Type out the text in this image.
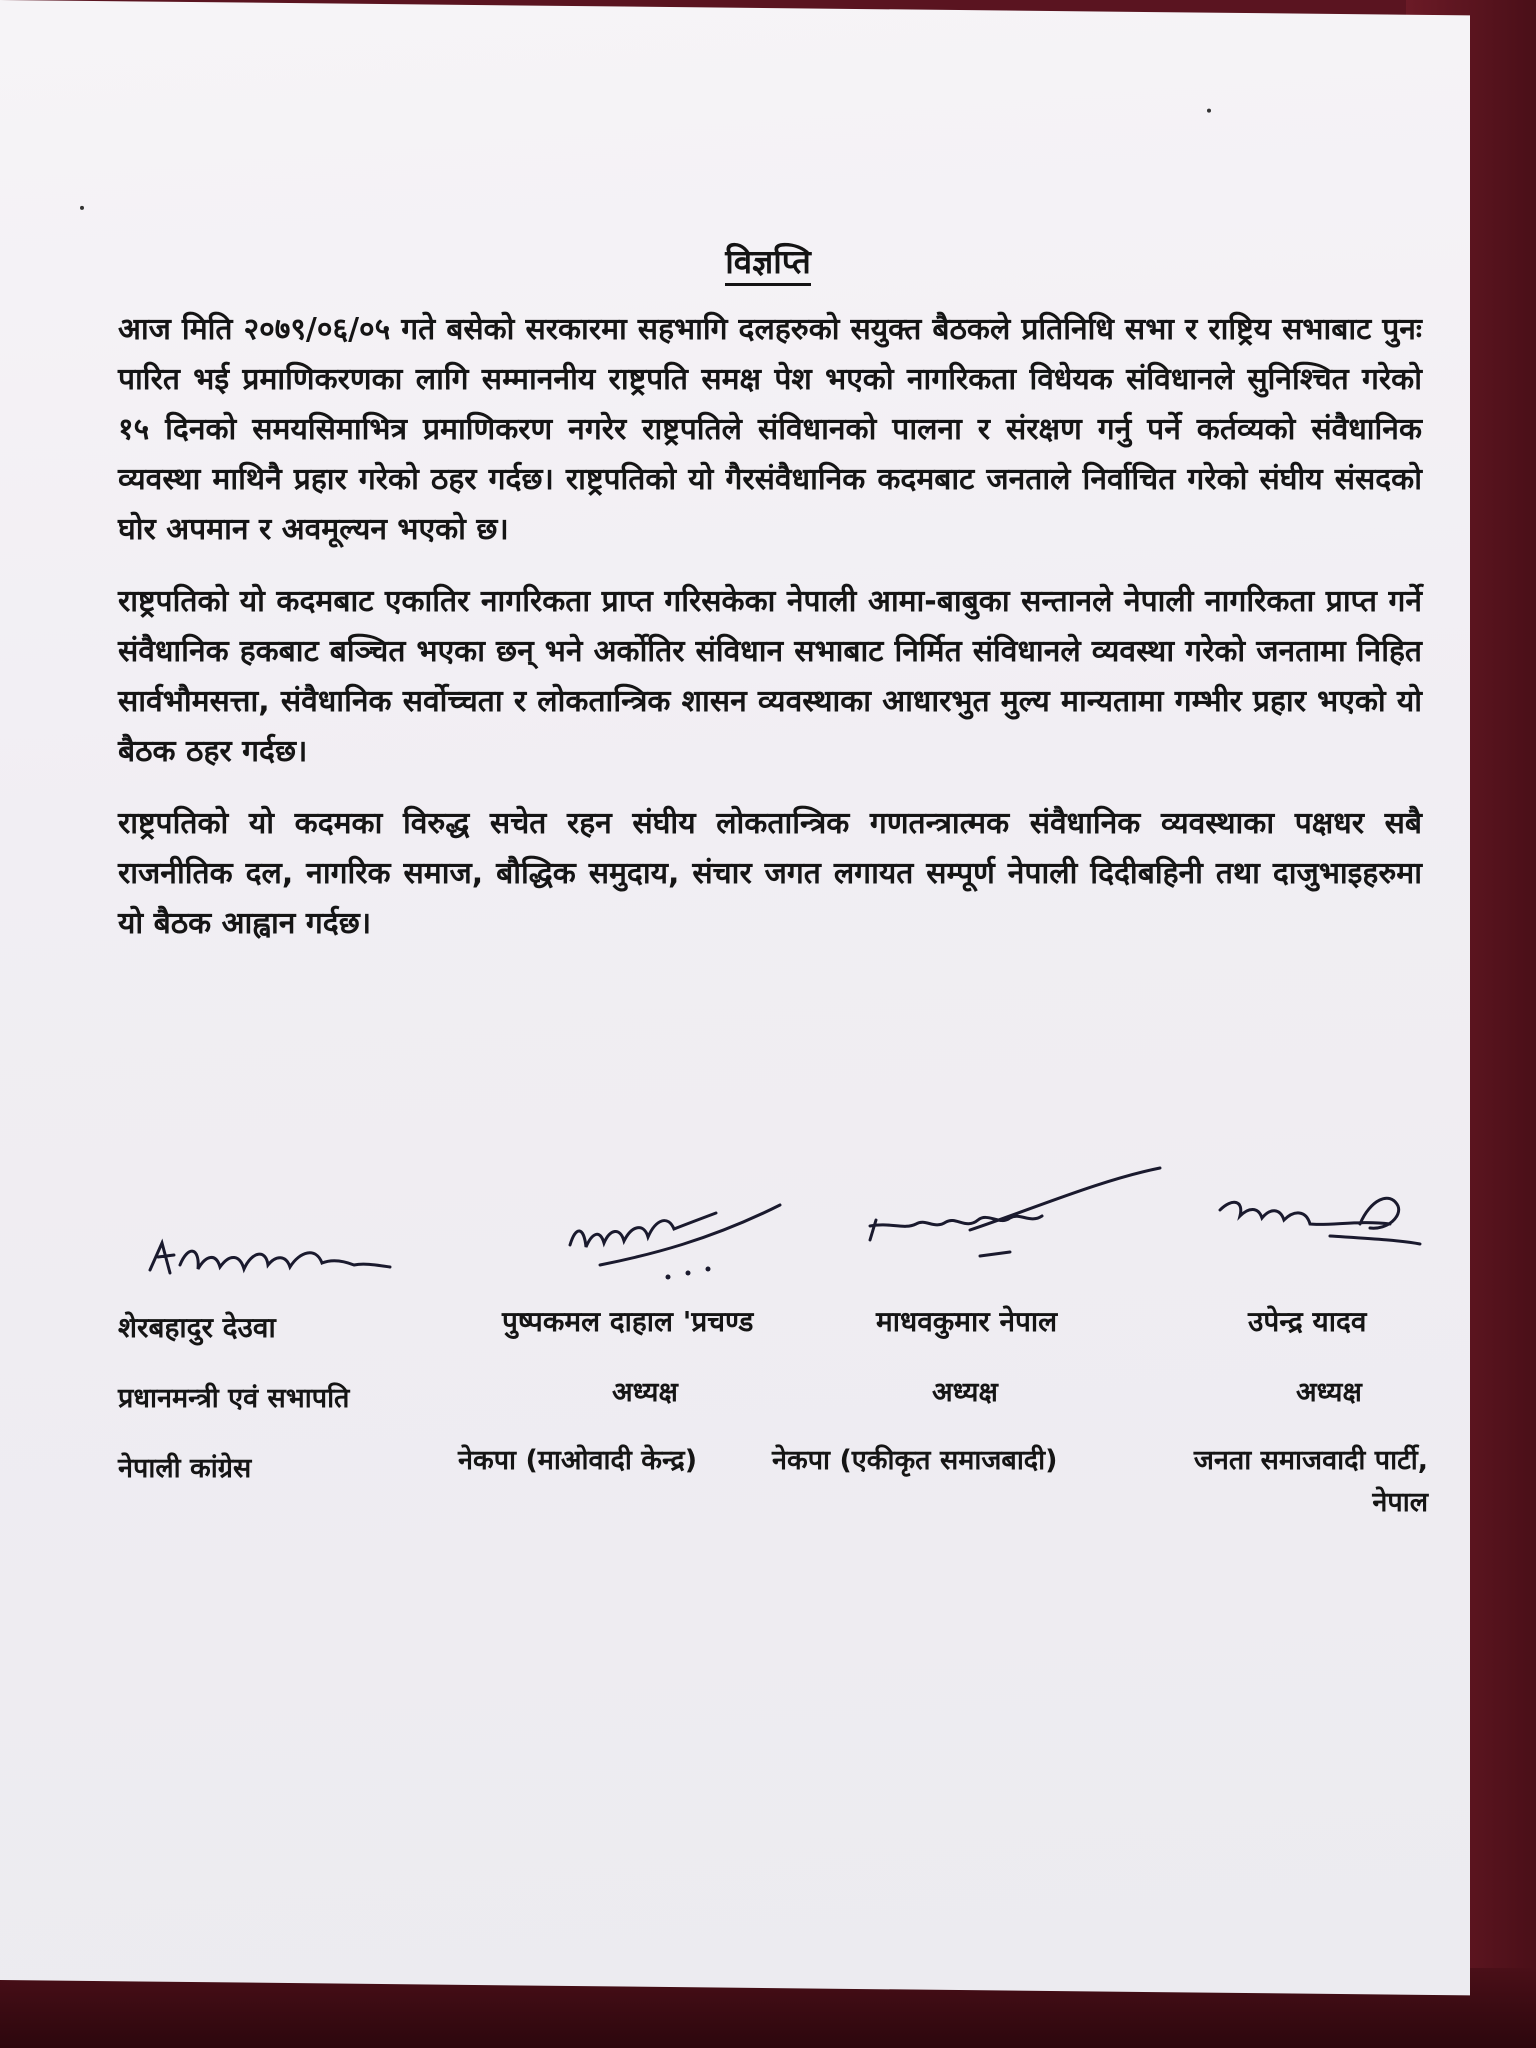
विज्ञप्ति

आज मिति २०७९/०६/०५ गते बसेको सरकारमा सहभागि दलहरुको सयुक्त बैठकले प्रतिनिधि सभा र राष्ट्रिय सभाबाट पुनः पारित भई प्रमाणिकरणका लागि सम्माननीय राष्ट्रपति समक्ष पेश भएको नागरिकता विधेयक संविधानले सुनिश्चित गरेको १५ दिनको समयसिमाभित्र प्रमाणिकरण नगरेर राष्ट्रपतिले संविधानको पालना र संरक्षण गर्नु पर्ने कर्तव्यको संवैधानिक व्यवस्था माथिनै प्रहार गरेको ठहर गर्दछ। राष्ट्रपतिको यो गैरसंवैधानिक कदमबाट जनताले निर्वाचित गरेको संघीय संसदको घोर अपमान र अवमूल्यन भएको छ।

राष्ट्रपतिको यो कदमबाट एकातिर नागरिकता प्राप्त गरिसकेका नेपाली आमा-बाबुका सन्तानले नेपाली नागरिकता प्राप्त गर्ने संवैधानिक हकबाट बञ्चित भएका छन् भने अर्कोतिर संविधान सभाबाट निर्मित संविधानले व्यवस्था गरेको जनतामा निहित सार्वभौमसत्ता, संवैधानिक सर्वोच्चता र लोकतान्त्रिक शासन व्यवस्थाका आधारभुत मुल्य मान्यतामा गम्भीर प्रहार भएको यो बैठक ठहर गर्दछ।

राष्ट्रपतिको यो कदमका विरुद्ध सचेत रहन संघीय लोकतान्त्रिक गणतन्त्रात्मक संवैधानिक व्यवस्थाका पक्षधर सबै राजनीतिक दल, नागरिक समाज, बौद्धिक समुदाय, संचार जगत लगायत सम्पूर्ण नेपाली दिदीबहिनी तथा दाजुभाइहरुमा यो बैठक आह्वान गर्दछ।

शेरबहादुर देउवा
प्रधानमन्त्री एवं सभापति
नेपाली कांग्रेस
पुष्पकमल दाहाल 'प्रचण्ड
अध्यक्ष
नेकपा (माओवादी केन्द्र)
माधवकुमार नेपाल
अध्यक्ष
नेकपा (एकीकृत समाजबादी)
उपेन्द्र यादव
अध्यक्ष
जनता समाजवादी पार्टी, नेपाल
